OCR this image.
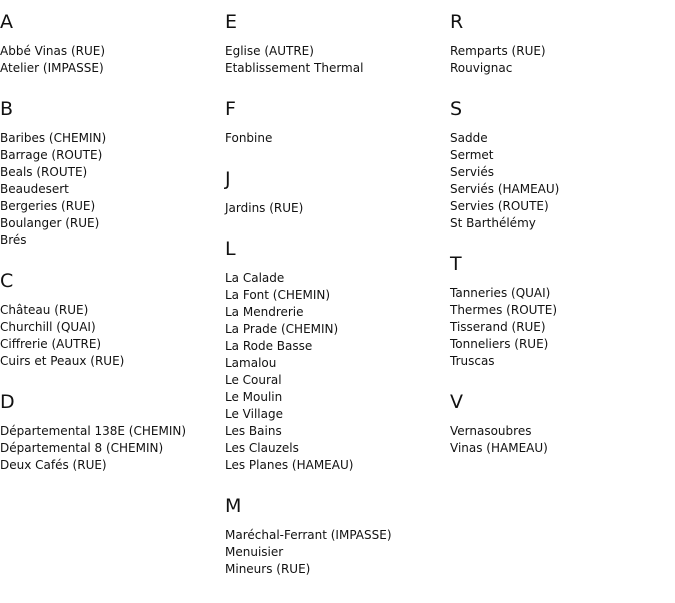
A
Abbé Vinas (RUE)
Atelier (IMPASSE)
B
Baribes (CHEMIN)
Barrage (ROUTE)
Beals (ROUTE)
Beaudesert
Bergeries (RUE)
Boulanger (RUE)
Brés
C
Château (RUE)
Churchill (QUAI)
Ciffrerie (AUTRE)
Cuirs et Peaux (RUE)
D
Départemental 138E (CHEMIN)
Départemental 8 (CHEMIN)
Deux Cafés (RUE)
E
Eglise (AUTRE)
Etablissement Thermal
F
Fonbine
J
Jardins (RUE)
L
La Calade
La Font (CHEMIN)
La Mendrerie
La Prade (CHEMIN)
La Rode Basse
Lamalou
Le Coural
Le Moulin
Le Village
Les Bains
Les Clauzels
Les Planes (HAMEAU)
M
Maréchal-Ferrant (IMPASSE)
Menuisier
Mineurs (RUE)
R
Remparts (RUE)
Rouvignac
S
Sadde
Sermet
Serviés
Serviés (HAMEAU)
Servies (ROUTE)
St Barthélémy
T
Tanneries (QUAI)
Thermes (ROUTE)
Tisserand (RUE)
Tonneliers (RUE)
Truscas
V
Vernasoubres
Vinas (HAMEAU)
